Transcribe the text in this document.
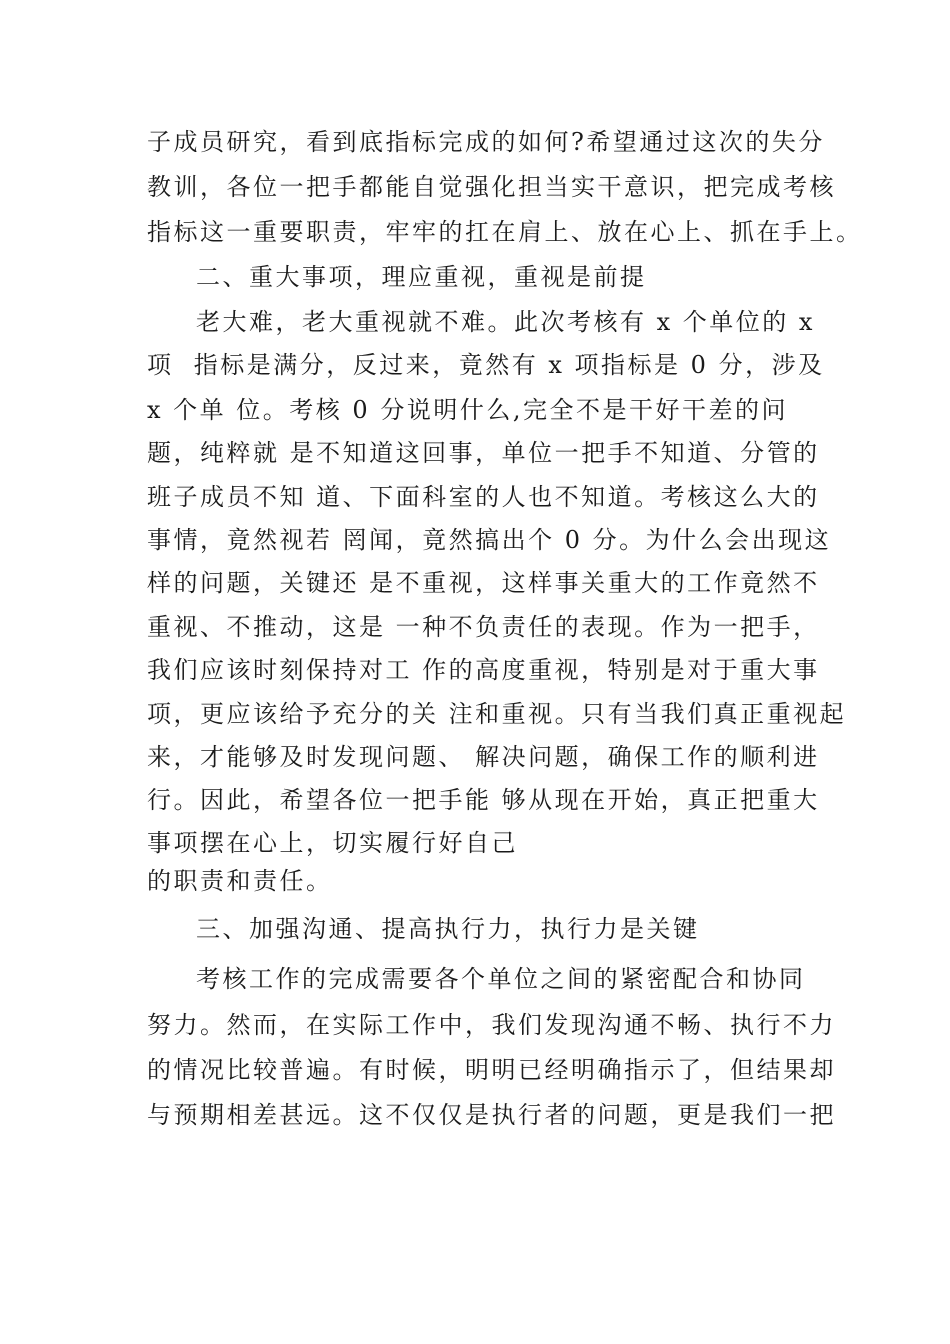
子成员研究，看到底指标完成的如何?希望通过这次的失分
教训，各位一把手都能自觉强化担当实干意识，把完成考核
指标这一重要职责，牢牢的扛在肩上、放在心上、抓在手上。
二、重大事项，理应重视，重视是前提
老大难，老大重视就不难。此次考核有 x 个单位的 x
项  指标是满分，反过来，竟然有 x 项指标是 0 分，涉及
x 个单 位。考核 0 分说明什么,完全不是干好干差的问
题，纯粹就 是不知道这回事，单位一把手不知道、分管的
班子成员不知 道、下面科室的人也不知道。考核这么大的
事情，竟然视若 罔闻，竟然搞出个 0 分。为什么会出现这
样的问题，关键还 是不重视，这样事关重大的工作竟然不
重视、不推动，这是 一种不负责任的表现。作为一把手，
我们应该时刻保持对工 作的高度重视，特别是对于重大事
项，更应该给予充分的关 注和重视。只有当我们真正重视起
来，才能够及时发现问题、 解决问题，确保工作的顺利进
行。因此，希望各位一把手能 够从现在开始，真正把重大
事项摆在心上，切实履行好自己
的职责和责任。
三、加强沟通、提高执行力，执行力是关键
考核工作的完成需要各个单位之间的紧密配合和协同
努力。然而，在实际工作中，我们发现沟通不畅、执行不力
的情况比较普遍。有时候，明明已经明确指示了，但结果却
与预期相差甚远。这不仅仅是执行者的问题，更是我们一把
